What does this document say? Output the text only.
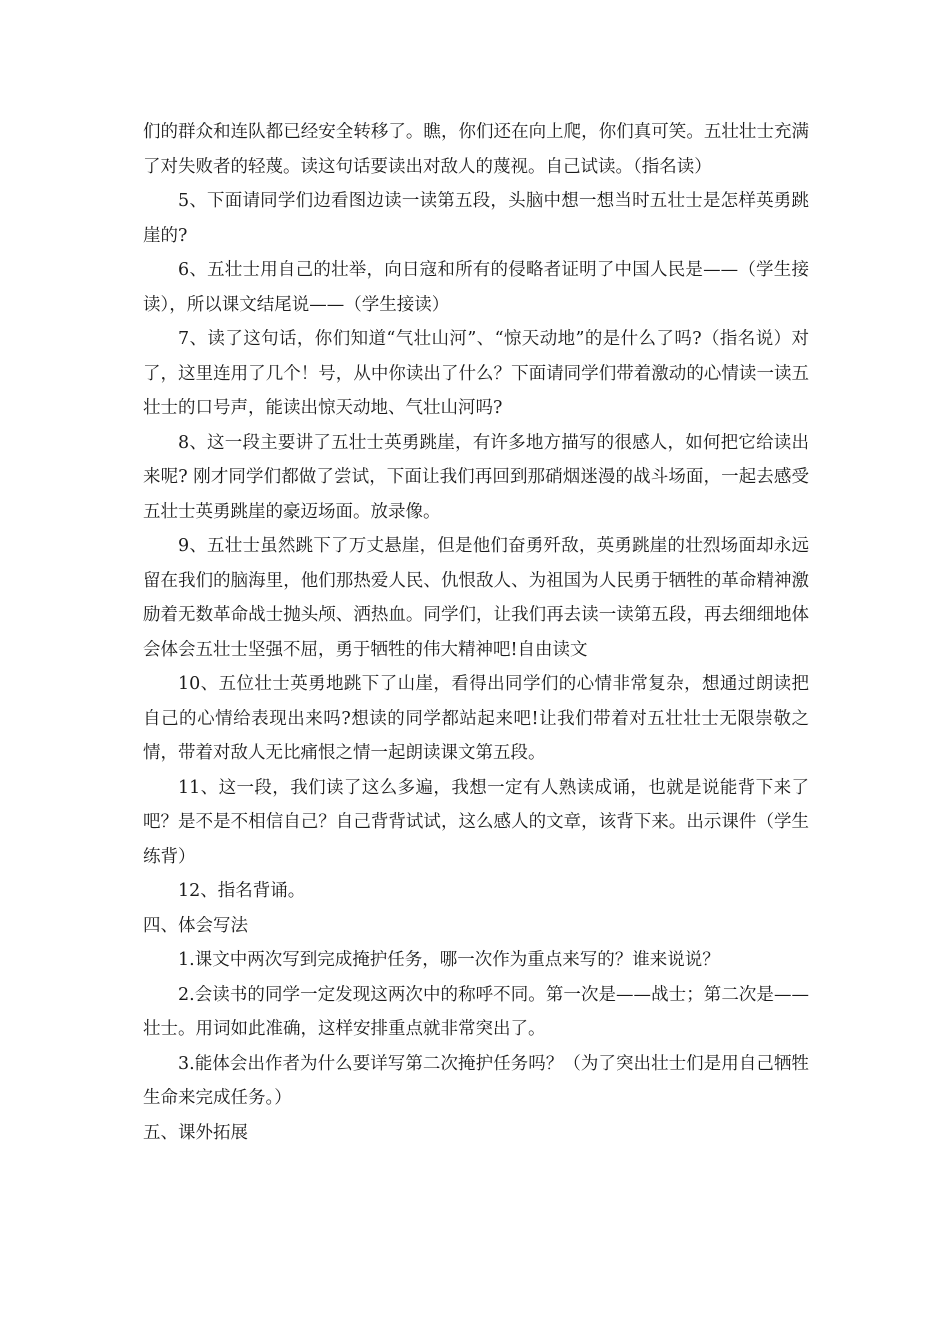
们的群众和连队都已经安全转移了。瞧，你们还在向上爬，你们真可笑。五壮壮士充满了对失败者的轻蔑。读这句话要读出对敌人的蔑视。自己试读。（指名读）

5、下面请同学们边看图边读一读第五段，头脑中想一想当时五壮士是怎样英勇跳崖的?

6、五壮士用自己的壮举，向日寇和所有的侵略者证明了中国人民是——（学生接读），所以课文结尾说——（学生接读）

7、读了这句话，你们知道“气壮山河”、“惊天动地”的是什么了吗?（指名说）对了，这里连用了几个！号，从中你读出了什么？下面请同学们带着激动的心情读一读五壮士的口号声，能读出惊天动地、气壮山河吗?

8、这一段主要讲了五壮士英勇跳崖，有许多地方描写的很感人，如何把它给读出来呢? 刚才同学们都做了尝试，下面让我们再回到那硝烟迷漫的战斗场面，一起去感受五壮士英勇跳崖的豪迈场面。放录像。

9、五壮士虽然跳下了万丈悬崖，但是他们奋勇歼敌，英勇跳崖的壮烈场面却永远留在我们的脑海里，他们那热爱人民、仇恨敌人、为祖国为人民勇于牺牲的革命精神激励着无数革命战士抛头颅、洒热血。同学们，让我们再去读一读第五段，再去细细地体会体会五壮士坚强不屈，勇于牺牲的伟大精神吧!自由读文

10、五位壮士英勇地跳下了山崖，看得出同学们的心情非常复杂，想通过朗读把自己的心情给表现出来吗?想读的同学都站起来吧!让我们带着对五壮壮士无限崇敬之情，带着对敌人无比痛恨之情一起朗读课文第五段。

11、这一段，我们读了这么多遍，我想一定有人熟读成诵，也就是说能背下来了吧？是不是不相信自己？自己背背试试，这么感人的文章，该背下来。出示课件（学生练背）

12、指名背诵。

四、体会写法

1.课文中两次写到完成掩护任务，哪一次作为重点来写的？谁来说说？

2.会读书的同学一定发现这两次中的称呼不同。第一次是——战士；第二次是——壮士。用词如此准确，这样安排重点就非常突出了。

3.能体会出作者为什么要详写第二次掩护任务吗？（为了突出壮士们是用自己牺牲生命来完成任务。）

五、课外拓展
